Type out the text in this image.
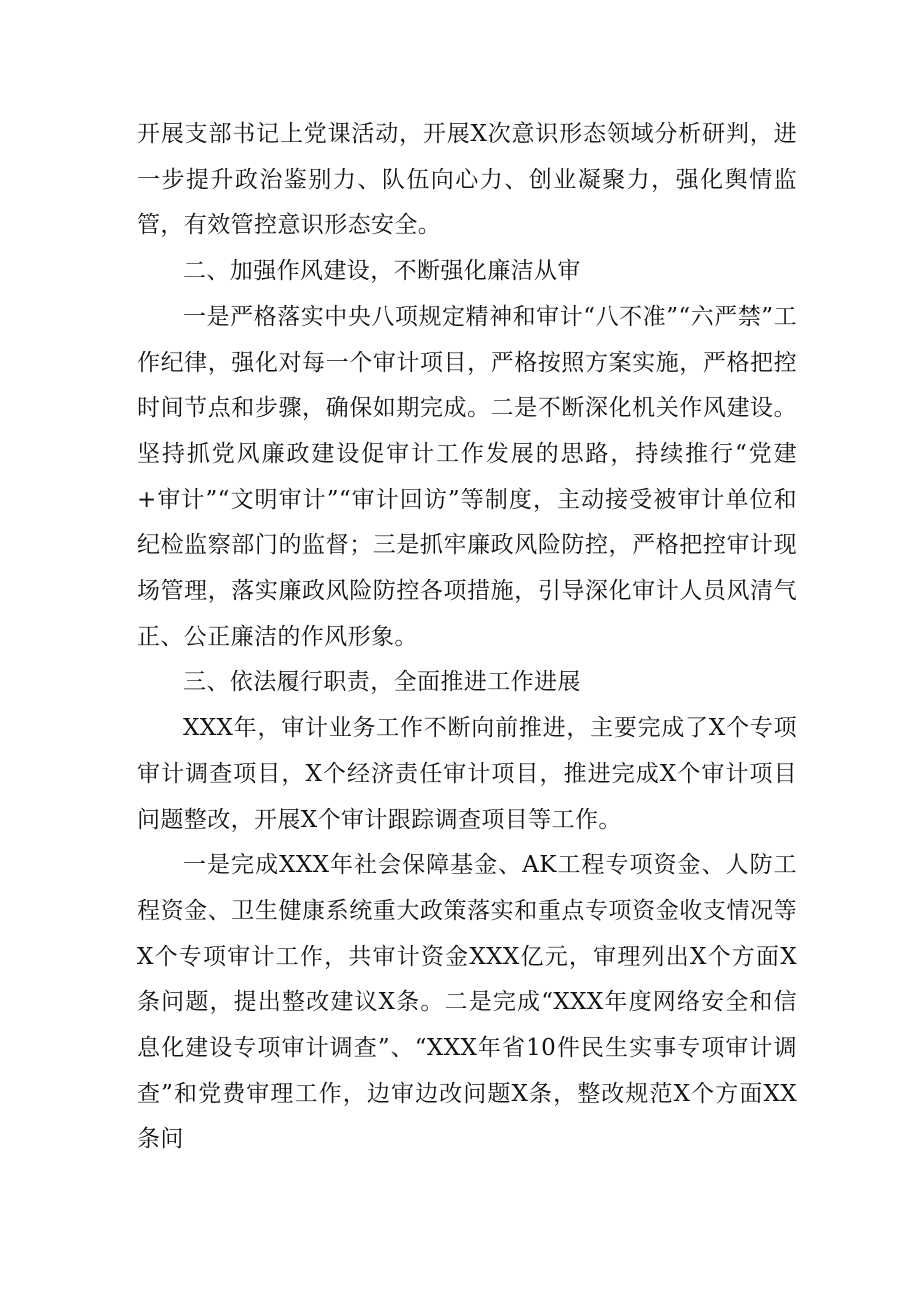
开展支部书记上党课活动，开展X次意识形态领域分析研判，进一步提升政治鉴别力、队伍向心力、创业凝聚力，强化舆情监管，有效管控意识形态安全。

二、加强作风建设，不断强化廉洁从审

一是严格落实中央八项规定精神和审计“八不准”“六严禁”工作纪律，强化对每一个审计项目，严格按照方案实施，严格把控时间节点和步骤，确保如期完成。二是不断深化机关作风建设。坚持抓党风廉政建设促审计工作发展的思路，持续推行“党建+审计”“文明审计”“审计回访”等制度，主动接受被审计单位和纪检监察部门的监督；三是抓牢廉政风险防控，严格把控审计现场管理，落实廉政风险防控各项措施，引导深化审计人员风清气正、公正廉洁的作风形象。

三、依法履行职责，全面推进工作进展

XXX年，审计业务工作不断向前推进，主要完成了X个专项审计调查项目，X个经济责任审计项目，推进完成X个审计项目问题整改，开展X个审计跟踪调查项目等工作。

一是完成XXX年社会保障基金、AK工程专项资金、人防工程资金、卫生健康系统重大政策落实和重点专项资金收支情况等X个专项审计工作，共审计资金XXX亿元，审理列出X个方面X条问题，提出整改建议X条。二是完成“XXX年度网络安全和信息化建设专项审计调查”、“XXX年省10件民生实事专项审计调查”和党费审理工作，边审边改问题X条，整改规范X个方面XX条问
